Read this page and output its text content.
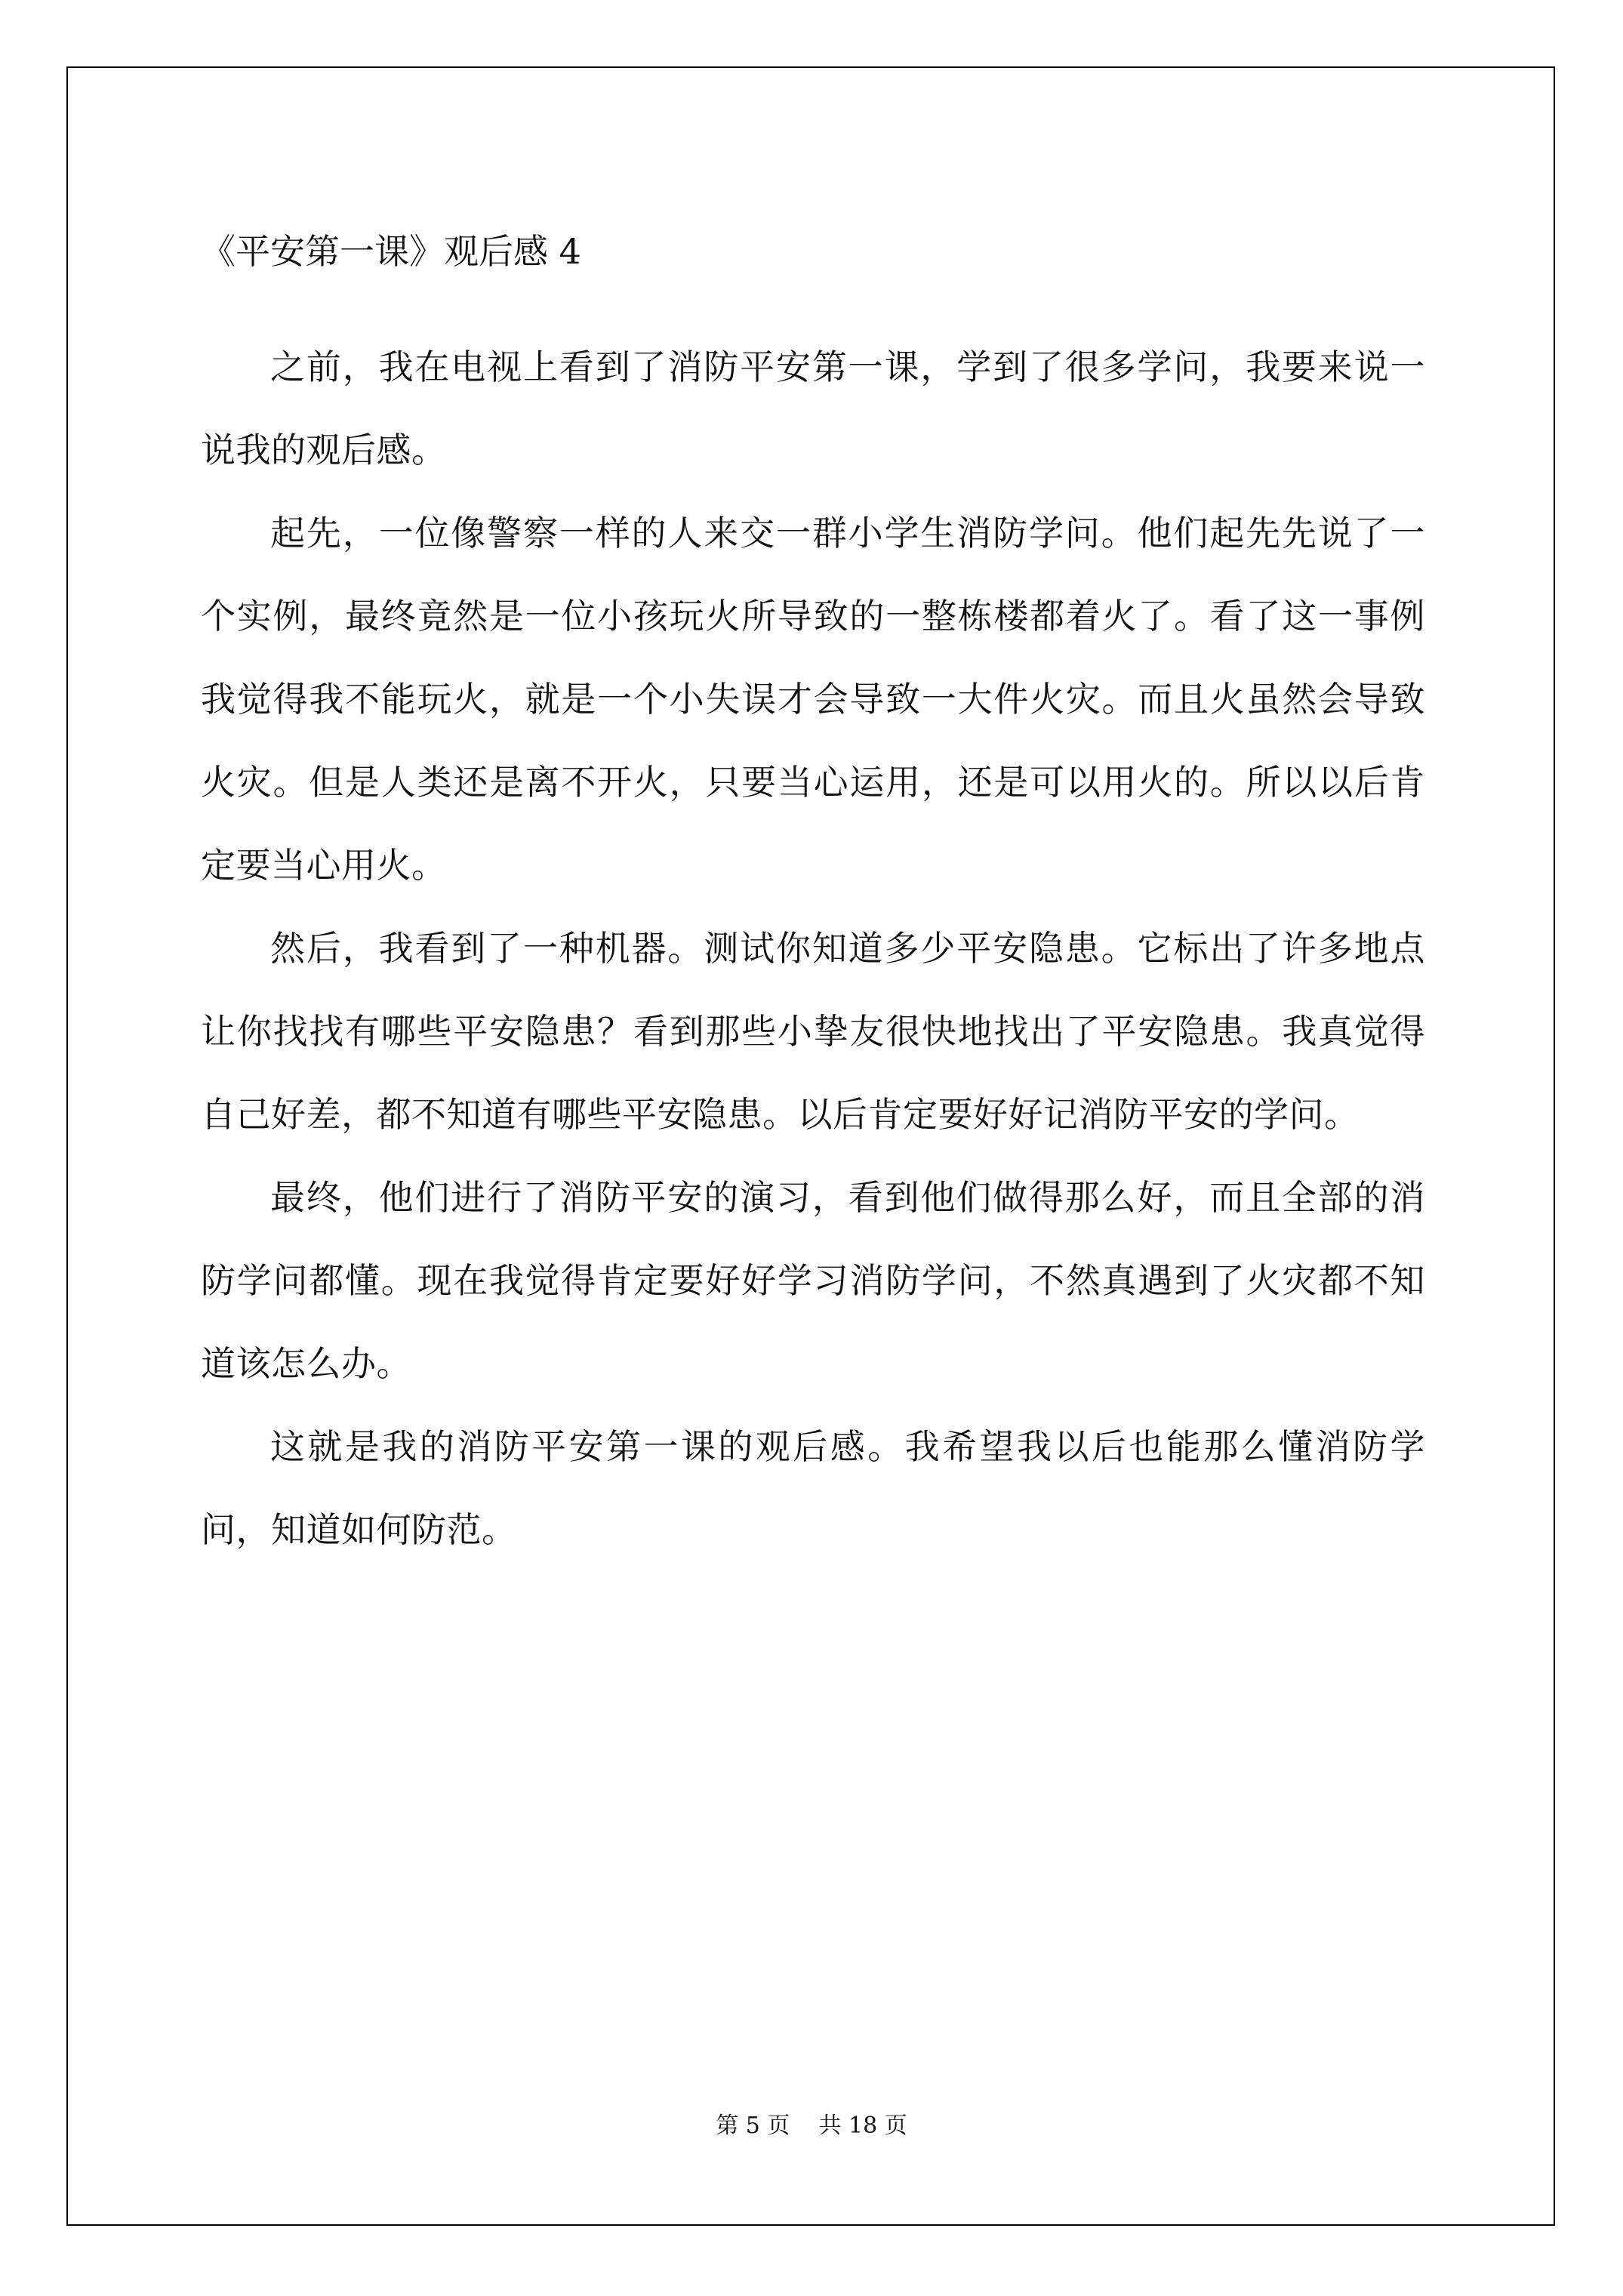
《平安第一课》观后感 4

之前，我在电视上看到了消防平安第一课，学到了很多学问，我要来说一说我的观后感。

起先，一位像警察一样的人来交一群小学生消防学问。他们起先先说了一个实例，最终竟然是一位小孩玩火所导致的一整栋楼都着火了。看了这一事例我觉得我不能玩火，就是一个小失误才会导致一大件火灾。而且火虽然会导致火灾。但是人类还是离不开火，只要当心运用，还是可以用火的。所以以后肯定要当心用火。

然后，我看到了一种机器。测试你知道多少平安隐患。它标出了许多地点让你找找有哪些平安隐患？看到那些小挚友很快地找出了平安隐患。我真觉得自己好差，都不知道有哪些平安隐患。以后肯定要好好记消防平安的学问。

最终，他们进行了消防平安的演习，看到他们做得那么好，而且全部的消防学问都懂。现在我觉得肯定要好好学习消防学问，不然真遇到了火灾都不知道该怎么办。

这就是我的消防平安第一课的观后感。我希望我以后也能那么懂消防学问，知道如何防范。

第 5 页    共 18 页
